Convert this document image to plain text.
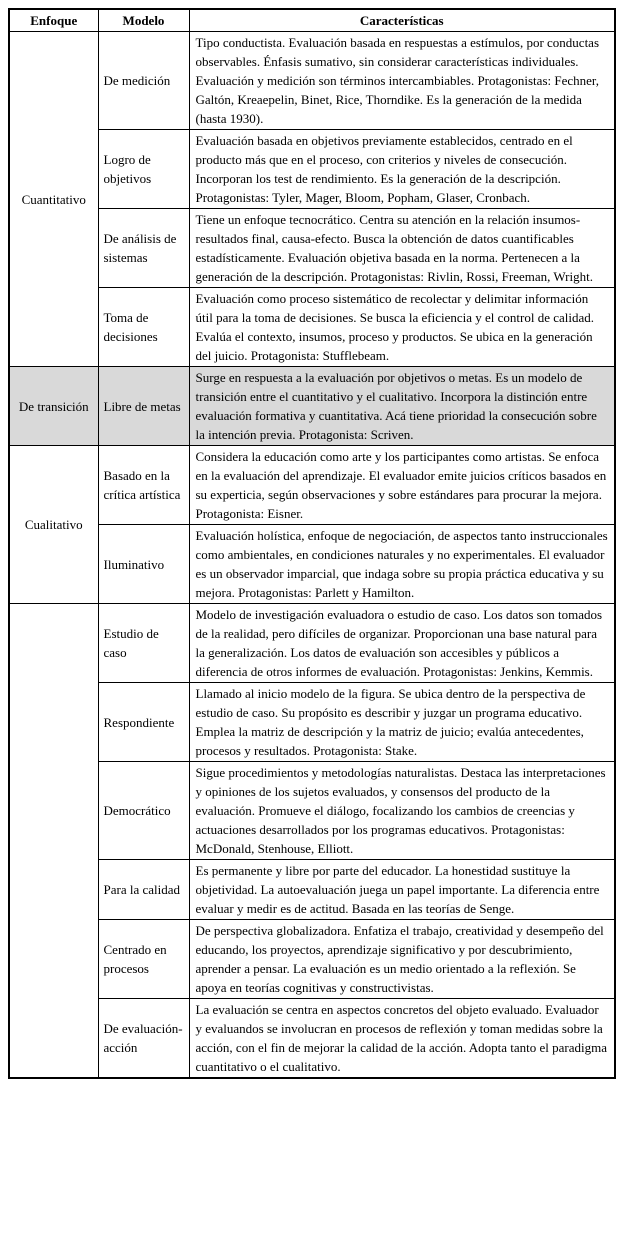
Enfoque	Modelo	Características
Cuantitativo	De medición	Tipo conductista. Evaluación basada en respuestas a estímulos, por conductas observables. Énfasis sumativo, sin considerar características individuales. Evaluación y medición son términos intercambiables. Protagonistas: Fechner, Galtón, Kreaepelin, Binet, Rice, Thorndike. Es la generación de la medida (hasta 1930).
	Logro de objetivos	Evaluación basada en objetivos previamente establecidos, centrado en el producto más que en el proceso, con criterios y niveles de consecución. Incorporan los test de rendimiento. Es la generación de la descripción. Protagonistas: Tyler, Mager, Bloom, Popham, Glaser, Cronbach.
	De análisis de sistemas	Tiene un enfoque tecnocrático. Centra su atención en la relación insumos-resultados final, causa-efecto. Busca la obtención de datos cuantificables estadísticamente. Evaluación objetiva basada en la norma. Pertenecen a la generación de la descripción. Protagonistas: Rivlin, Rossi, Freeman, Wright.
	Toma de decisiones	Evaluación como proceso sistemático de recolectar y delimitar información útil para la toma de decisiones. Se busca la eficiencia y el control de calidad. Evalúa el contexto, insumos, proceso y productos. Se ubica en la generación del juicio. Protagonista: Stufflebeam.
De transición	Libre de metas	Surge en respuesta a la evaluación por objetivos o metas. Es un modelo de transición entre el cuantitativo y el cualitativo. Incorpora la distinción entre evaluación formativa y cuantitativa. Acá tiene prioridad la consecución sobre la intención previa. Protagonista: Scriven.
Cualitativo	Basado en la crítica artística	Considera la educación como arte y los participantes como artistas. Se enfoca en la evaluación del aprendizaje. El evaluador emite juicios críticos basados en su experticia, según observaciones y sobre estándares para procurar la mejora. Protagonista: Eisner.
	Iluminativo	Evaluación holística, enfoque de negociación, de aspectos tanto instruccionales como ambientales, en condiciones naturales y no experimentales. El evaluador es un observador imparcial, que indaga sobre su propia práctica educativa y su mejora. Protagonistas: Parlett y Hamilton.
	Estudio de caso	Modelo de investigación evaluadora o estudio de caso. Los datos son tomados de la realidad, pero difíciles de organizar. Proporcionan una base natural para la generalización. Los datos de evaluación son accesibles y públicos a diferencia de otros informes de evaluación. Protagonistas: Jenkins, Kemmis.
	Respondiente	Llamado al inicio modelo de la figura. Se ubica dentro de la perspectiva de estudio de caso. Su propósito es describir y juzgar un programa educativo. Emplea la matriz de descripción y la matriz de juicio; evalúa antecedentes, procesos y resultados. Protagonista: Stake.
	Democrático	Sigue procedimientos y metodologías naturalistas. Destaca las interpretaciones y opiniones de los sujetos evaluados, y consensos del producto de la evaluación. Promueve el diálogo, focalizando los cambios de creencias y actuaciones desarrollados por los programas educativos. Protagonistas: McDonald, Stenhouse, Elliott.
	Para la calidad	Es permanente y libre por parte del educador. La honestidad sustituye la objetividad. La autoevaluación juega un papel importante. La diferencia entre evaluar y medir es de actitud. Basada en las teorías de Senge.
	Centrado en procesos	De perspectiva globalizadora. Enfatiza el trabajo, creatividad y desempeño del educando, los proyectos, aprendizaje significativo y por descubrimiento, aprender a pensar. La evaluación es un medio orientado a la reflexión. Se apoya en teorías cognitivas y constructivistas.
	De evaluación-acción	La evaluación se centra en aspectos concretos del objeto evaluado. Evaluador y evaluandos se involucran en procesos de reflexión y toman medidas sobre la acción, con el fin de mejorar la calidad de la acción. Adopta tanto el paradigma cuantitativo o el cualitativo.
